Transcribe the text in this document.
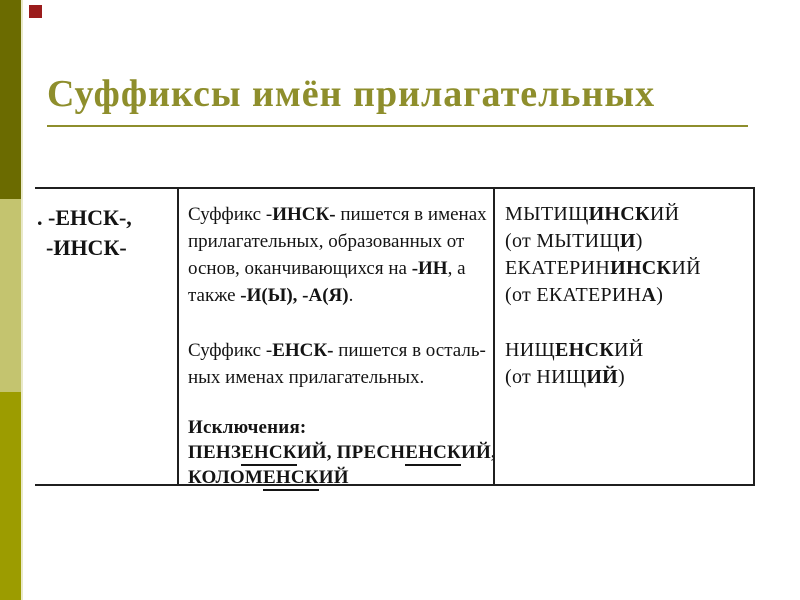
Суффиксы имён прилагательных
. -ЕНСК-,
-ИНСК-
Суффикс -ИНСК- пишется в именах
прилагательных, образованных от
основ, оканчивающихся на -ИН, а
также -И(Ы), -А(Я).
Суффикс -ЕНСК- пишется в осталь-
ных именах прилагательных.
Исключения:
ПЕНЗЕНСКИЙ, ПРЕСНЕНСКИЙ,
КОЛОМЕНСКИЙ
МЫТИЩИНСКИЙ
(от МЫТИЩИ)
ЕКАТЕРИНИНСКИЙ
(от ЕКАТЕРИНА)
НИЩЕНСКИЙ
(от НИЩИЙ)
